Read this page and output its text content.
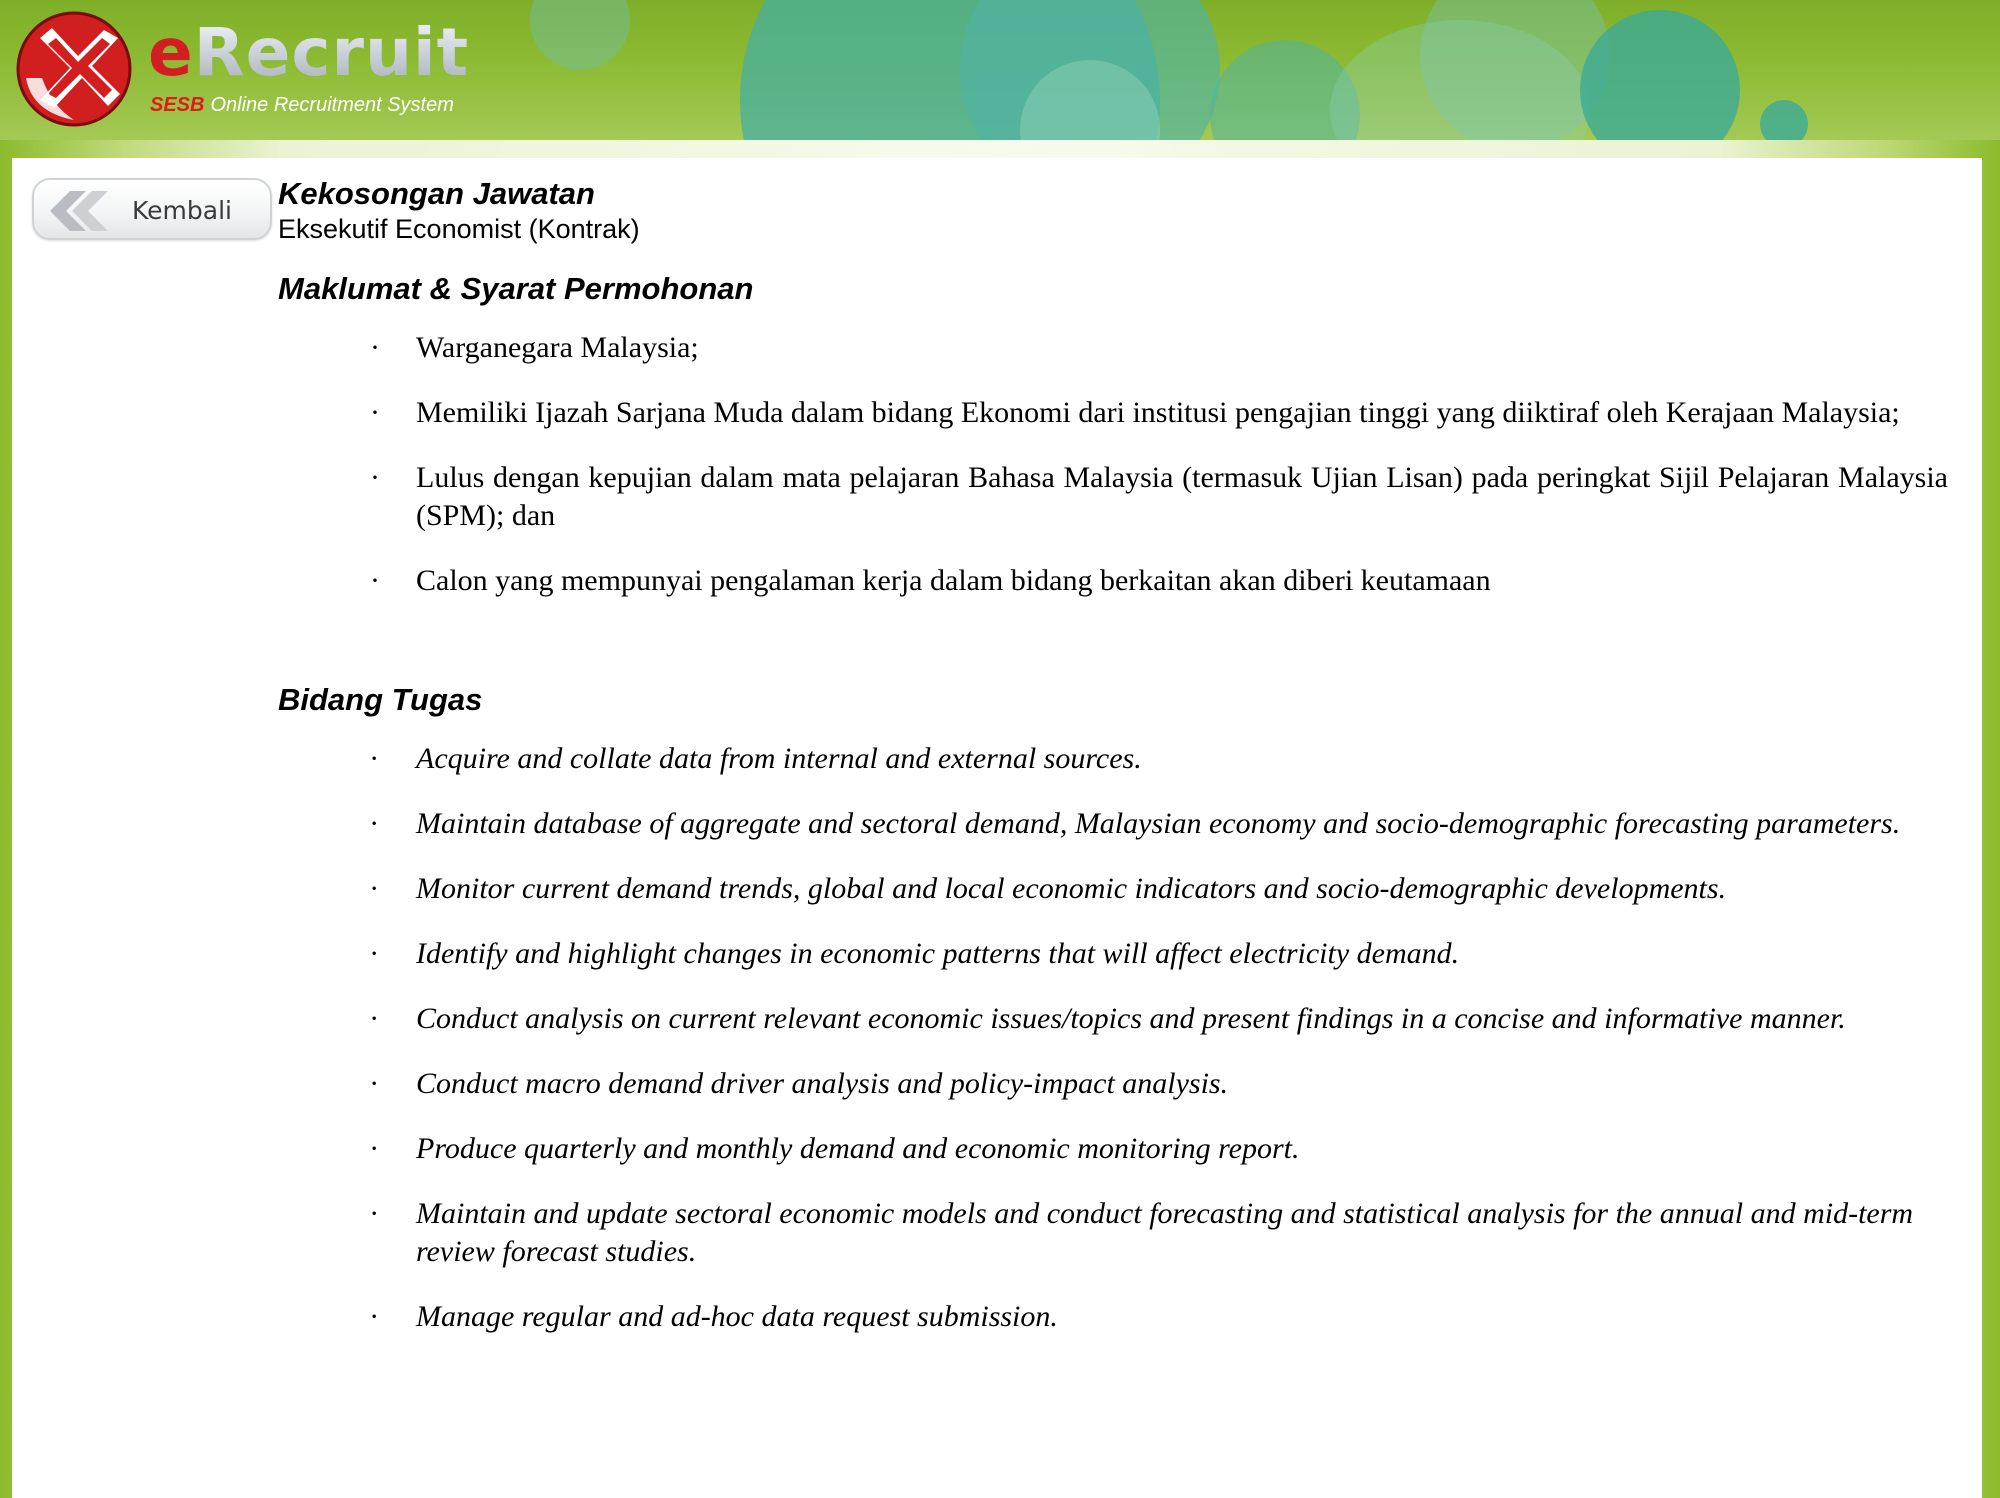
eRecruit
SESB Online Recruitment System
Kembali Kekosongan Jawatan
Eksekutif Economist (Kontrak)
Maklumat & Syarat Permohonan
· Warganegara Malaysia;
· Memiliki Ijazah Sarjana Muda dalam bidang Ekonomi dari institusi pengajian tinggi yang diiktiraf oleh Kerajaan Malaysia;
· Lulus dengan kepujian dalam mata pelajaran Bahasa Malaysia (termasuk Ujian Lisan) pada peringkat Sijil Pelajaran Malaysia (SPM); dan
· Calon yang mempunyai pengalaman kerja dalam bidang berkaitan akan diberi keutamaan
Bidang Tugas
· Acquire and collate data from internal and external sources.
· Maintain database of aggregate and sectoral demand, Malaysian economy and socio-demographic forecasting parameters.
· Monitor current demand trends, global and local economic indicators and socio-demographic developments.
· Identify and highlight changes in economic patterns that will affect electricity demand.
· Conduct analysis on current relevant economic issues/topics and present findings in a concise and informative manner.
· Conduct macro demand driver analysis and policy-impact analysis.
· Produce quarterly and monthly demand and economic monitoring report.
· Maintain and update sectoral economic models and conduct forecasting and statistical analysis for the annual and mid-term review forecast studies.
· Manage regular and ad-hoc data request submission.
